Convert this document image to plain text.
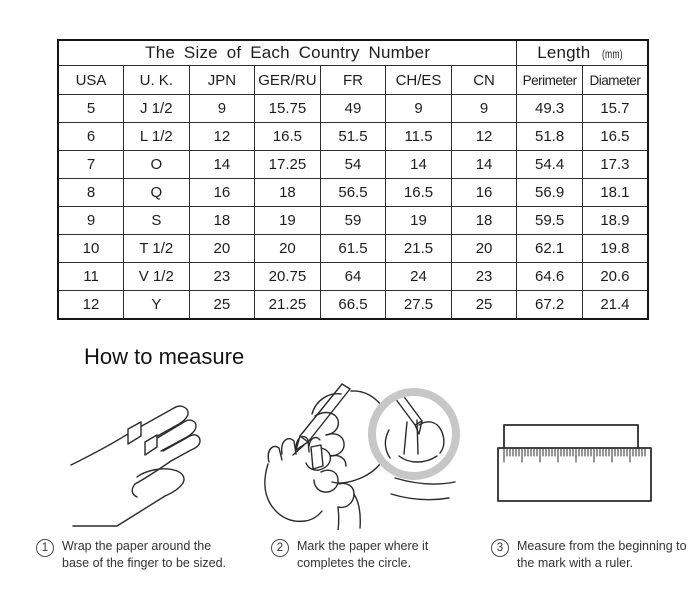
The Size of Each Country Number							Length (mm)	
USA	U. K.	JPN	GER/RU	FR	CH/ES	CN	Perimeter	Diameter
5	J 1/2	9	15.75	49	9	9	49.3	15.7
6	L 1/2	12	16.5	51.5	11.5	12	51.8	16.5
7	O	14	17.25	54	14	14	54.4	17.3
8	Q	16	18	56.5	16.5	16	56.9	18.1
9	S	18	19	59	19	18	59.5	18.9
10	T 1/2	20	20	61.5	21.5	20	62.1	19.8
11	V 1/2	23	20.75	64	24	23	64.6	20.6
12	Y	25	21.25	66.5	27.5	25	67.2	21.4
How to measure
1 Wrap the paper around the
base of the finger to be sized.
2 Mark the paper where it
completes the circle.
3 Measure from the beginning to
the mark with a ruler.
